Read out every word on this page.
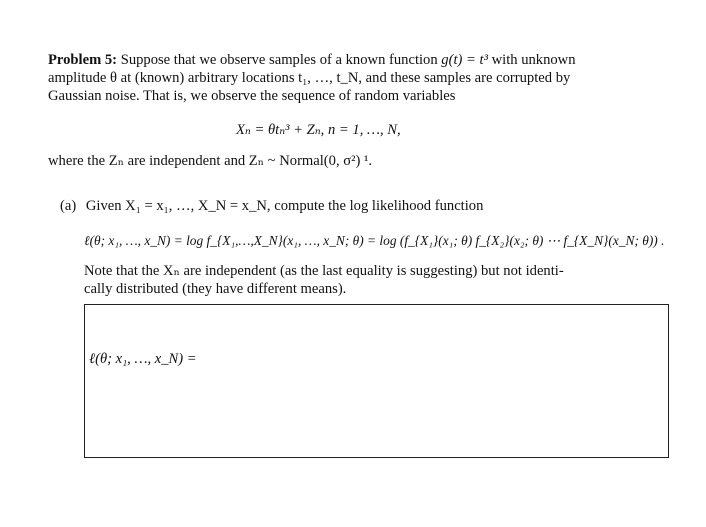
Problem 5: Suppose that we observe samples of a known function g(t) = t³ with unknown
amplitude θ at (known) arbitrary locations t₁, …, t_N, and these samples are corrupted by
Gaussian noise. That is, we observe the sequence of random variables
Xₙ = θtₙ³ + Zₙ, n = 1, …, N,
where the Zₙ are independent and Zₙ ~ Normal(0, σ²) ¹.
(a) Given X₁ = x₁, …, X_N = x_N, compute the log likelihood function
ℓ(θ; x₁, …, x_N) = log f_{X₁,…,X_N}(x₁, …, x_N; θ) = log (f_{X₁}(x₁; θ) f_{X₂}(x₂; θ) ⋯ f_{X_N}(x_N; θ)) .
Note that the Xₙ are independent (as the last equality is suggesting) but not identi-
cally distributed (they have different means).
ℓ(θ; x₁, …, x_N) =
